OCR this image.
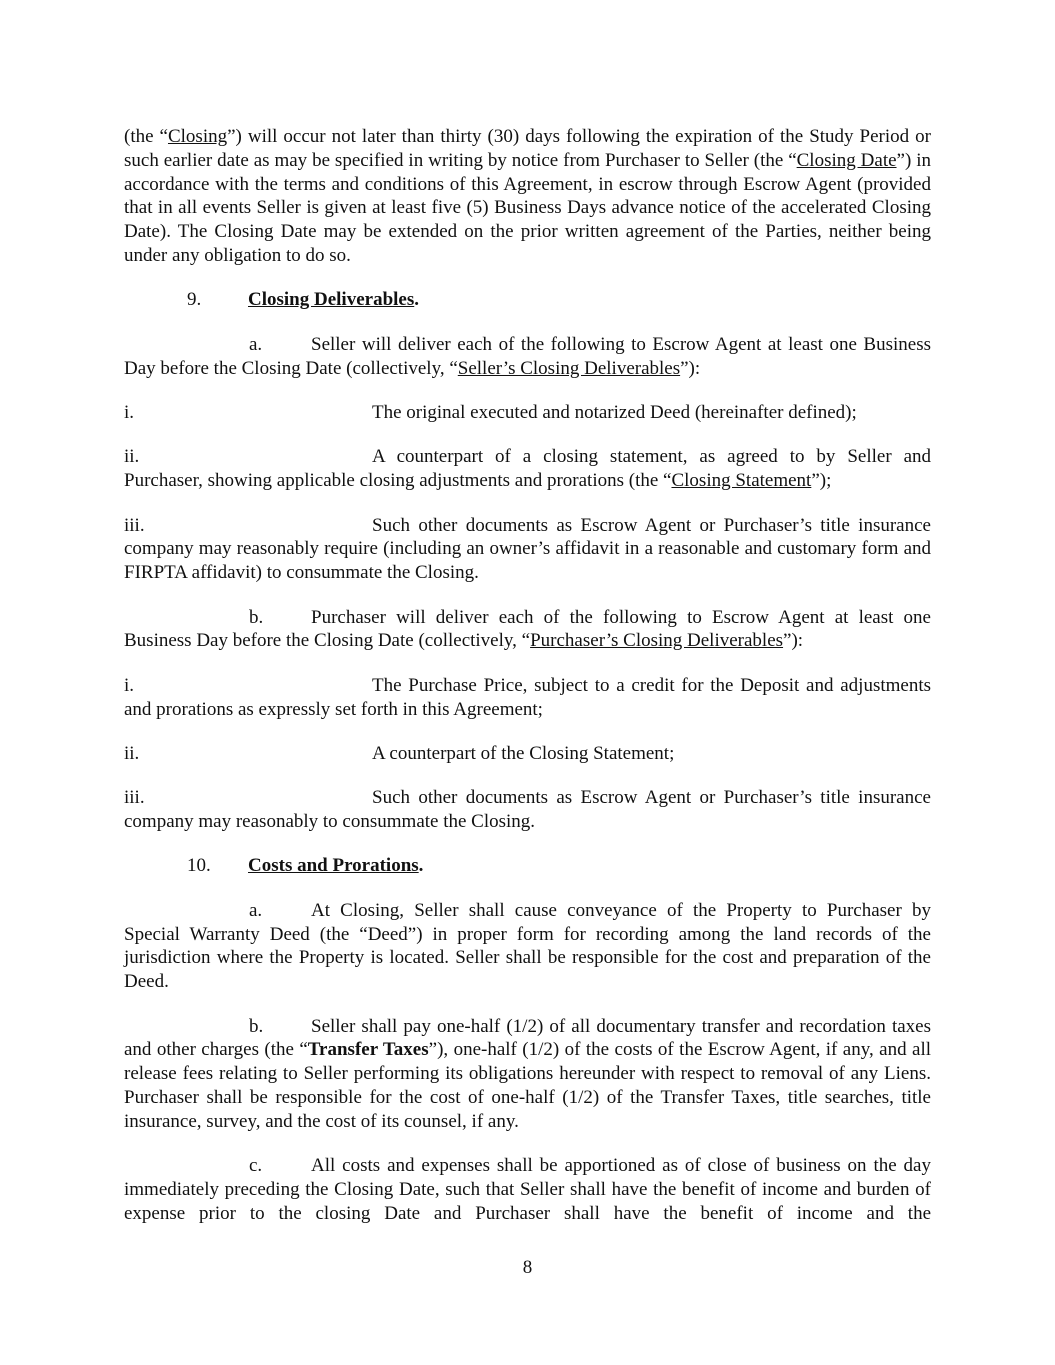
(the “Closing”) will occur not later than thirty (30) days following the expiration of the Study Period or such earlier date as may be specified in writing by notice from Purchaser to Seller (the “Closing Date”) in accordance with the terms and conditions of this Agreement, in escrow through Escrow Agent (provided that in all events Seller is given at least five (5) Business Days advance notice of the accelerated Closing Date). The Closing Date may be extended on the prior written agreement of the Parties, neither being under any obligation to do so.

9. Closing Deliverables.

a.	Seller will deliver each of the following to Escrow Agent at least one Business Day before the Closing Date (collectively, “Seller’s Closing Deliverables”):

i.	The original executed and notarized Deed (hereinafter defined);

ii.	A counterpart of a closing statement, as agreed to by Seller and Purchaser, showing applicable closing adjustments and prorations (the “Closing Statement”);

iii.	Such other documents as Escrow Agent or Purchaser’s title insurance company may reasonably require (including an owner’s affidavit in a reasonable and customary form and FIRPTA affidavit) to consummate the Closing.

b.	Purchaser will deliver each of the following to Escrow Agent at least one Business Day before the Closing Date (collectively, “Purchaser’s Closing Deliverables”):

i.	The Purchase Price, subject to a credit for the Deposit and adjustments and prorations as expressly set forth in this Agreement;

ii.	A counterpart of the Closing Statement;

iii.	Such other documents as Escrow Agent or Purchaser’s title insurance company may reasonably to consummate the Closing.

10. Costs and Prorations.

a.	At Closing, Seller shall cause conveyance of the Property to Purchaser by Special Warranty Deed (the “Deed”) in proper form for recording among the land records of the jurisdiction where the Property is located. Seller shall be responsible for the cost and preparation of the Deed.

b.	Seller shall pay one-half (1/2) of all documentary transfer and recordation taxes and other charges (the “Transfer Taxes”), one-half (1/2) of the costs of the Escrow Agent, if any, and all release fees relating to Seller performing its obligations hereunder with respect to removal of any Liens. Purchaser shall be responsible for the cost of one-half (1/2) of the Transfer Taxes, title searches, title insurance, survey, and the cost of its counsel, if any.

c.	All costs and expenses shall be apportioned as of close of business on the day immediately preceding the Closing Date, such that Seller shall have the benefit of income and burden of expense prior to the closing Date and Purchaser shall have the benefit of income and the

8
